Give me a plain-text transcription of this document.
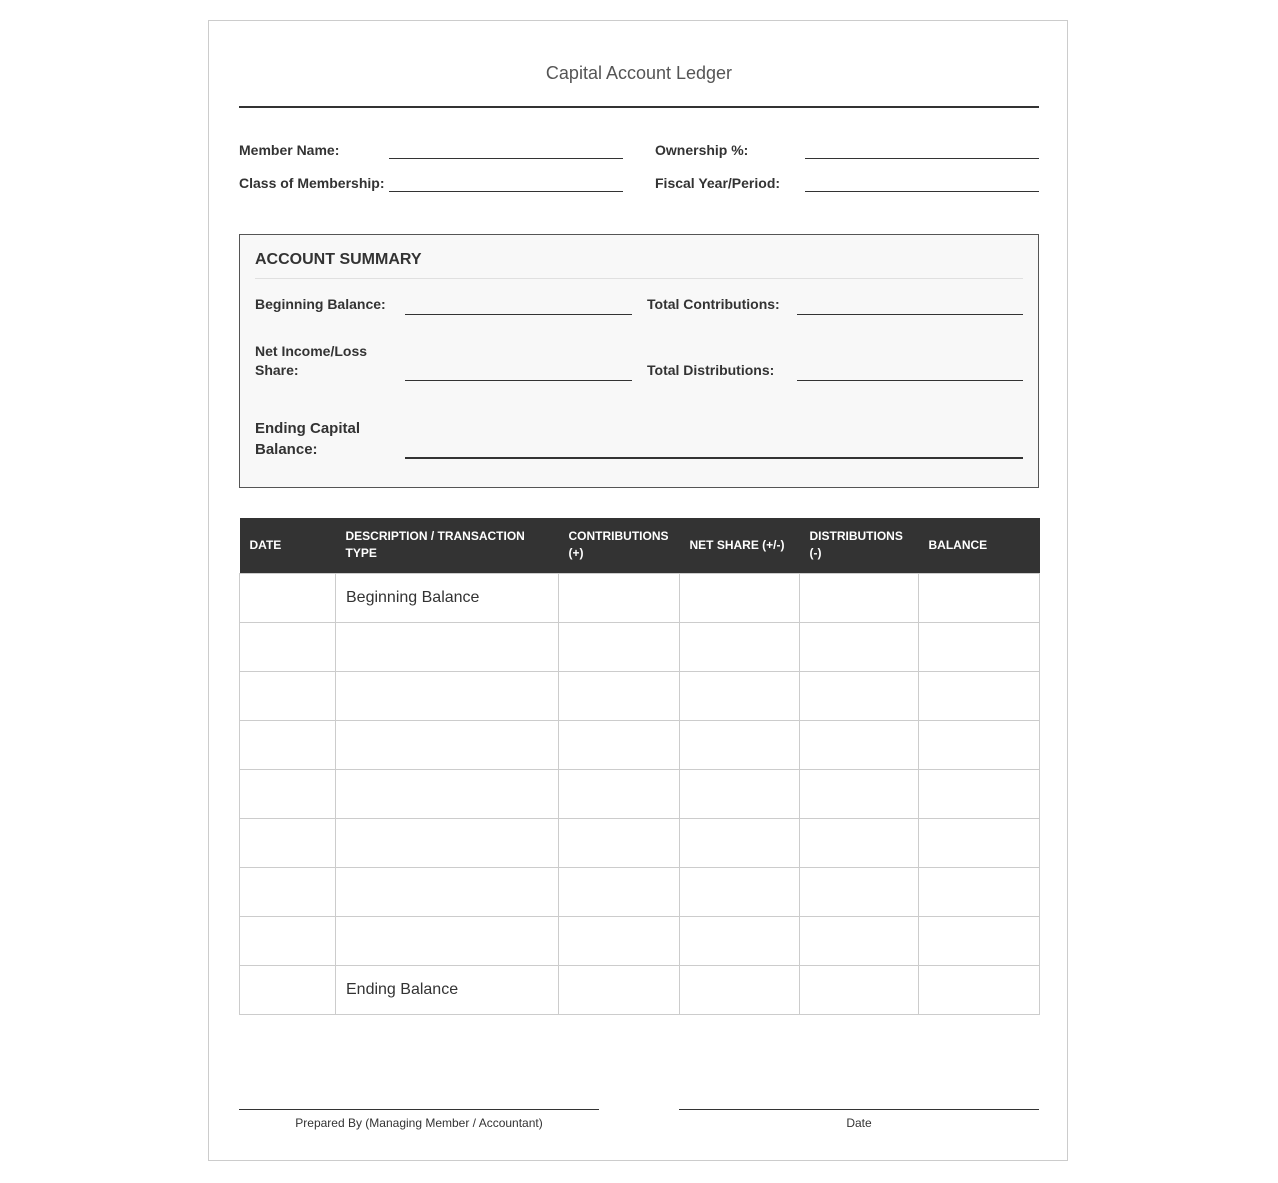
Capital Account Ledger
Member Name:	Ownership %:
Class of Membership:	Fiscal Year/Period:
ACCOUNT SUMMARY
Beginning Balance:	Total Contributions:
Net Income/Loss Share:	Total Distributions:
Ending Capital Balance:
DATE	DESCRIPTION / TRANSACTION TYPE	CONTRIBUTIONS (+)	NET SHARE (+/-)	DISTRIBUTIONS (-)	BALANCE
	Beginning Balance				

	Ending Balance				
Prepared By (Managing Member / Accountant)	Date
